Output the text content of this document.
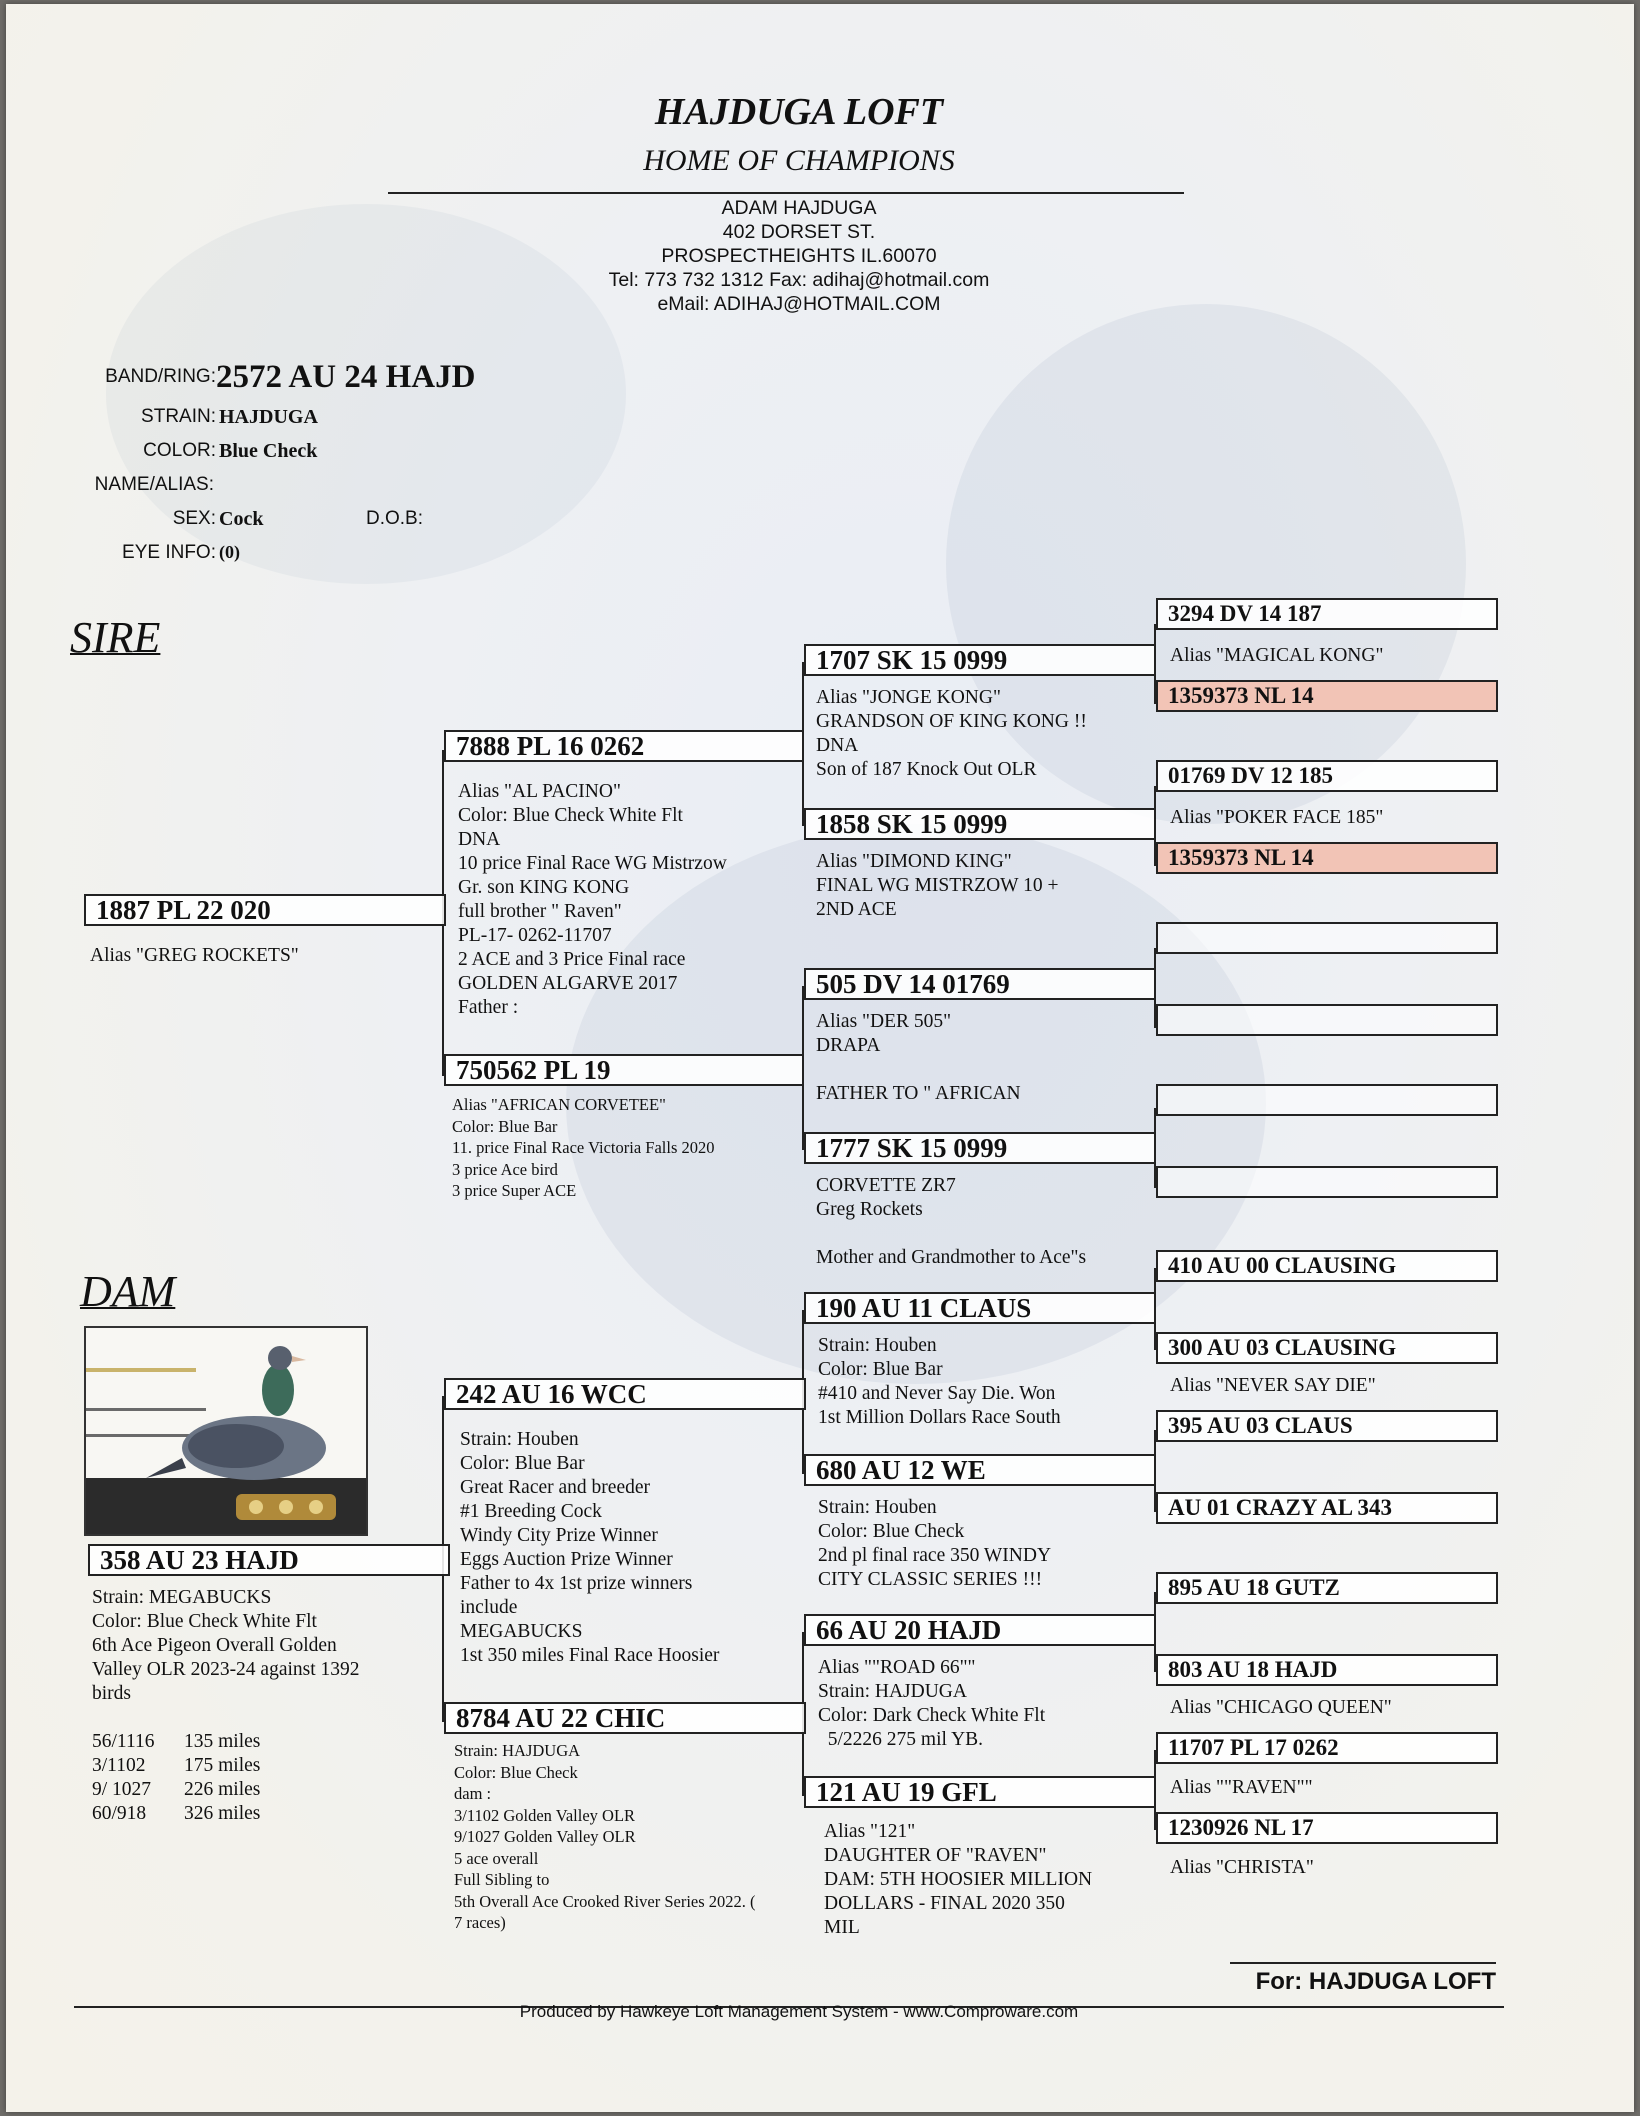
HAJDUGA LOFT
HOME OF CHAMPIONS
ADAM HAJDUGA
402 DORSET ST.
PROSPECTHEIGHTS IL.60070
Tel: 773 732 1312 Fax: adihaj@hotmail.com
eMail: ADIHAJ@HOTMAIL.COM
BAND/RING: 2572 AU 24 HAJD
STRAIN: HAJDUGA
COLOR: Blue Check
NAME/ALIAS:
SEX: Cock	D.O.B:
EYE INFO: (0)
SIRE
DAM
1887 PL 22 020
Alias "GREG ROCKETS"
7888 PL 16 0262
Alias "AL PACINO"
Color: Blue Check White Flt
DNA
10 price Final Race WG Mistrzow
Gr. son KING KONG
full brother " Raven"
PL-17- 0262-11707
2 ACE and 3 Price Final race
GOLDEN ALGARVE 2017
Father :
750562 PL 19
Alias "AFRICAN CORVETEE"
Color: Blue Bar
11. price Final Race Victoria Falls 2020
3 price Ace bird
3 price Super ACE
1707 SK 15 0999
Alias "JONGE KONG"
GRANDSON OF KING KONG !!
DNA
Son of 187 Knock Out OLR
1858 SK 15 0999
Alias "DIMOND KING"
FINAL WG MISTRZOW 10 +
2ND ACE
505 DV 14 01769
Alias "DER 505"
DRAPA
FATHER TO " AFRICAN
1777 SK 15 0999
CORVETTE ZR7
Greg Rockets
Mother and Grandmother to Ace"s
3294 DV 14 187
Alias "MAGICAL KONG"
1359373 NL 14
01769 DV 12 185
Alias "POKER FACE 185"
1359373 NL 14
358 AU 23 HAJD
Strain: MEGABUCKS
Color: Blue Check White Flt
6th Ace Pigeon Overall Golden
Valley OLR 2023-24 against 1392
birds
56/1116 135 miles
3/1102 175 miles
9/ 1027 226 miles
60/918 326 miles
242 AU 16 WCC
Strain: Houben
Color: Blue Bar
Great Racer and breeder
#1 Breeding Cock
Windy City Prize Winner
Eggs Auction Prize Winner
Father to 4x 1st prize winners
include
MEGABUCKS
1st 350 miles Final Race Hoosier
8784 AU 22 CHIC
Strain: HAJDUGA
Color: Blue Check
dam :
3/1102 Golden Valley OLR
9/1027 Golden Valley OLR
5 ace overall
Full Sibling to
5th Overall Ace Crooked River Series 2022. (
7 races)
190 AU 11 CLAUS
Strain: Houben
Color: Blue Bar
#410 and Never Say Die. Won
1st Million Dollars Race South
680 AU 12 WE
Strain: Houben
Color: Blue Check
2nd pl final race 350 WINDY
CITY CLASSIC SERIES !!!
66 AU 20 HAJD
Alias ""ROAD 66""
Strain: HAJDUGA
Color: Dark Check White Flt
5/2226 275 mil YB.
121 AU 19 GFL
Alias "121"
DAUGHTER OF "RAVEN"
DAM: 5TH HOOSIER MILLION
DOLLARS - FINAL 2020 350
MIL
410 AU 00 CLAUSING
300 AU 03 CLAUSING
Alias "NEVER SAY DIE"
395 AU 03 CLAUS
AU 01 CRAZY AL 343
895 AU 18 GUTZ
803 AU 18 HAJD
Alias "CHICAGO QUEEN"
11707 PL 17 0262
Alias ""RAVEN""
1230926 NL 17
Alias "CHRISTA"
For: HAJDUGA LOFT
Produced by Hawkeye Loft Management System - www.Comproware.com
